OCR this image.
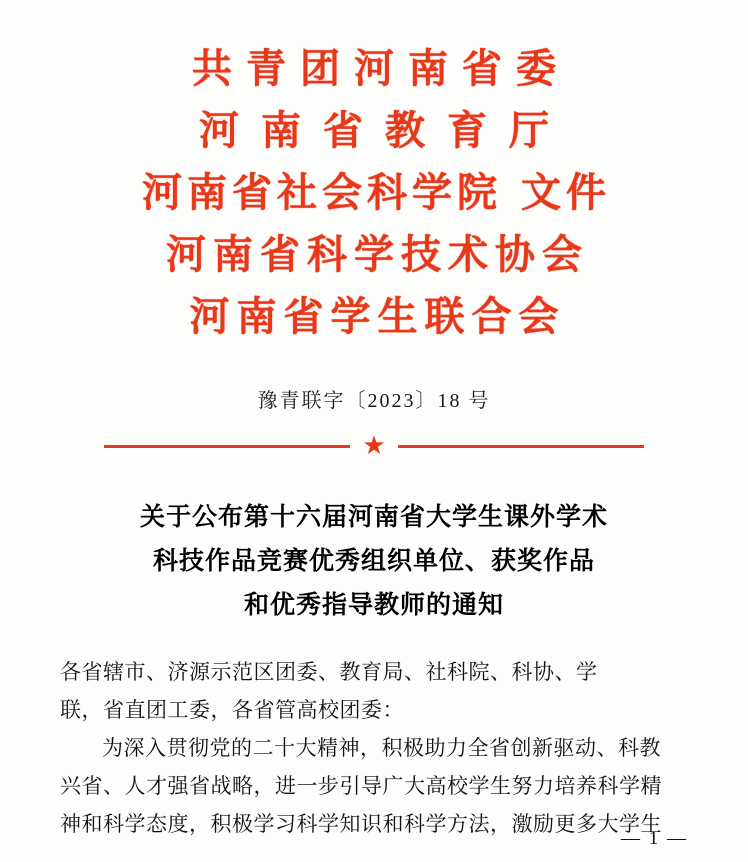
共青团河南省委
河南省教育厅
河南省社会科学院 文件
河南省科学技术协会
河南省学生联合会
豫青联字〔2023〕18 号
★
关于公布第十六届河南省大学生课外学术
科技作品竞赛优秀组织单位、获奖作品
和优秀指导教师的通知

各省辖市、济源示范区团委、教育局、社科院、科协、学

联，省直团工委，各省管高校团委：

为深入贯彻党的二十大精神，积极助力全省创新驱动、科教

兴省、人才强省战略，进一步引导广大高校学生努力培养科学精

神和科学态度，积极学习科学知识和科学方法，激励更多大学生

— 1 —
